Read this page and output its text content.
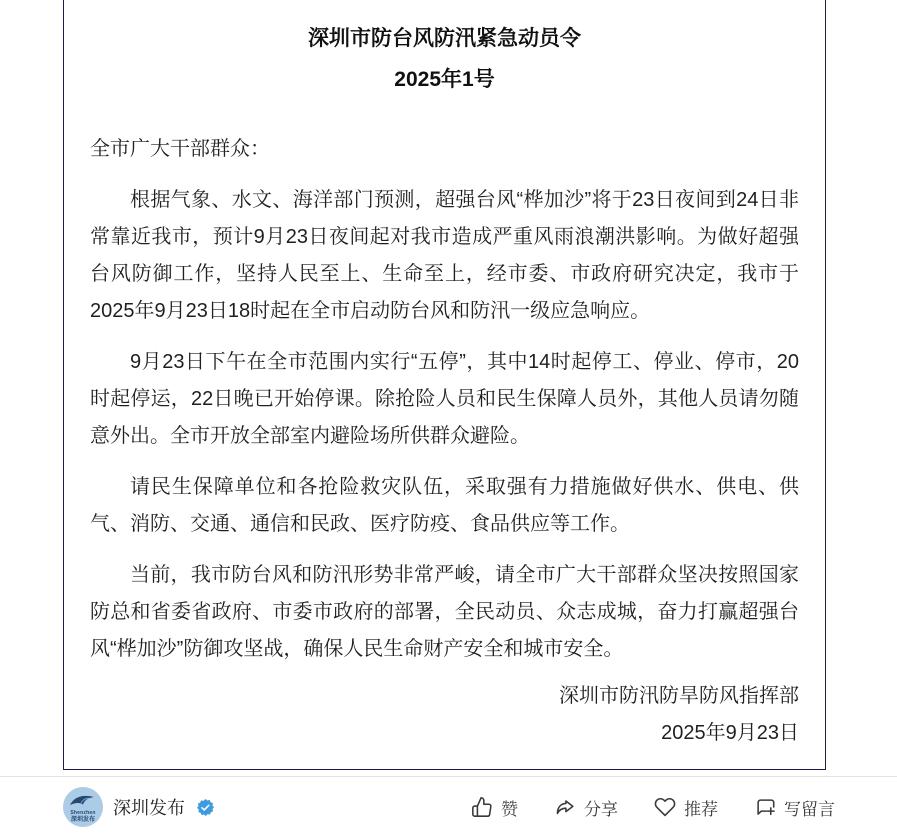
深圳市防台风防汛紧急动员令
2025年1号
全市广大干部群众：

根据气象、水文、海洋部门预测，超强台风“桦加沙”将于23日夜间到24日非常靠近我市，预计9月23日夜间起对我市造成严重风雨浪潮洪影响。为做好超强台风防御工作，坚持人民至上、生命至上，经市委、市政府研究决定，我市于2025年9月23日18时起在全市启动防台风和防汛一级应急响应。

9月23日下午在全市范围内实行“五停”，其中14时起停工、停业、停市，20时起停运，22日晚已开始停课。除抢险人员和民生保障人员外，其他人员请勿随意外出。全市开放全部室内避险场所供群众避险。

请民生保障单位和各抢险救灾队伍，采取强有力措施做好供水、供电、供气、消防、交通、通信和民政、医疗防疫、食品供应等工作。

当前，我市防台风和防汛形势非常严峻，请全市广大干部群众坚决按照国家防总和省委省政府、市委市政府的部署，全民动员、众志成城，奋力打赢超强台风“桦加沙”防御攻坚战，确保人民生命财产安全和城市安全。

深圳市防汛防旱防风指挥部
2025年9月23日
Shenzhen
深圳发布
深圳发布	赞	分享	推荐	写留言
